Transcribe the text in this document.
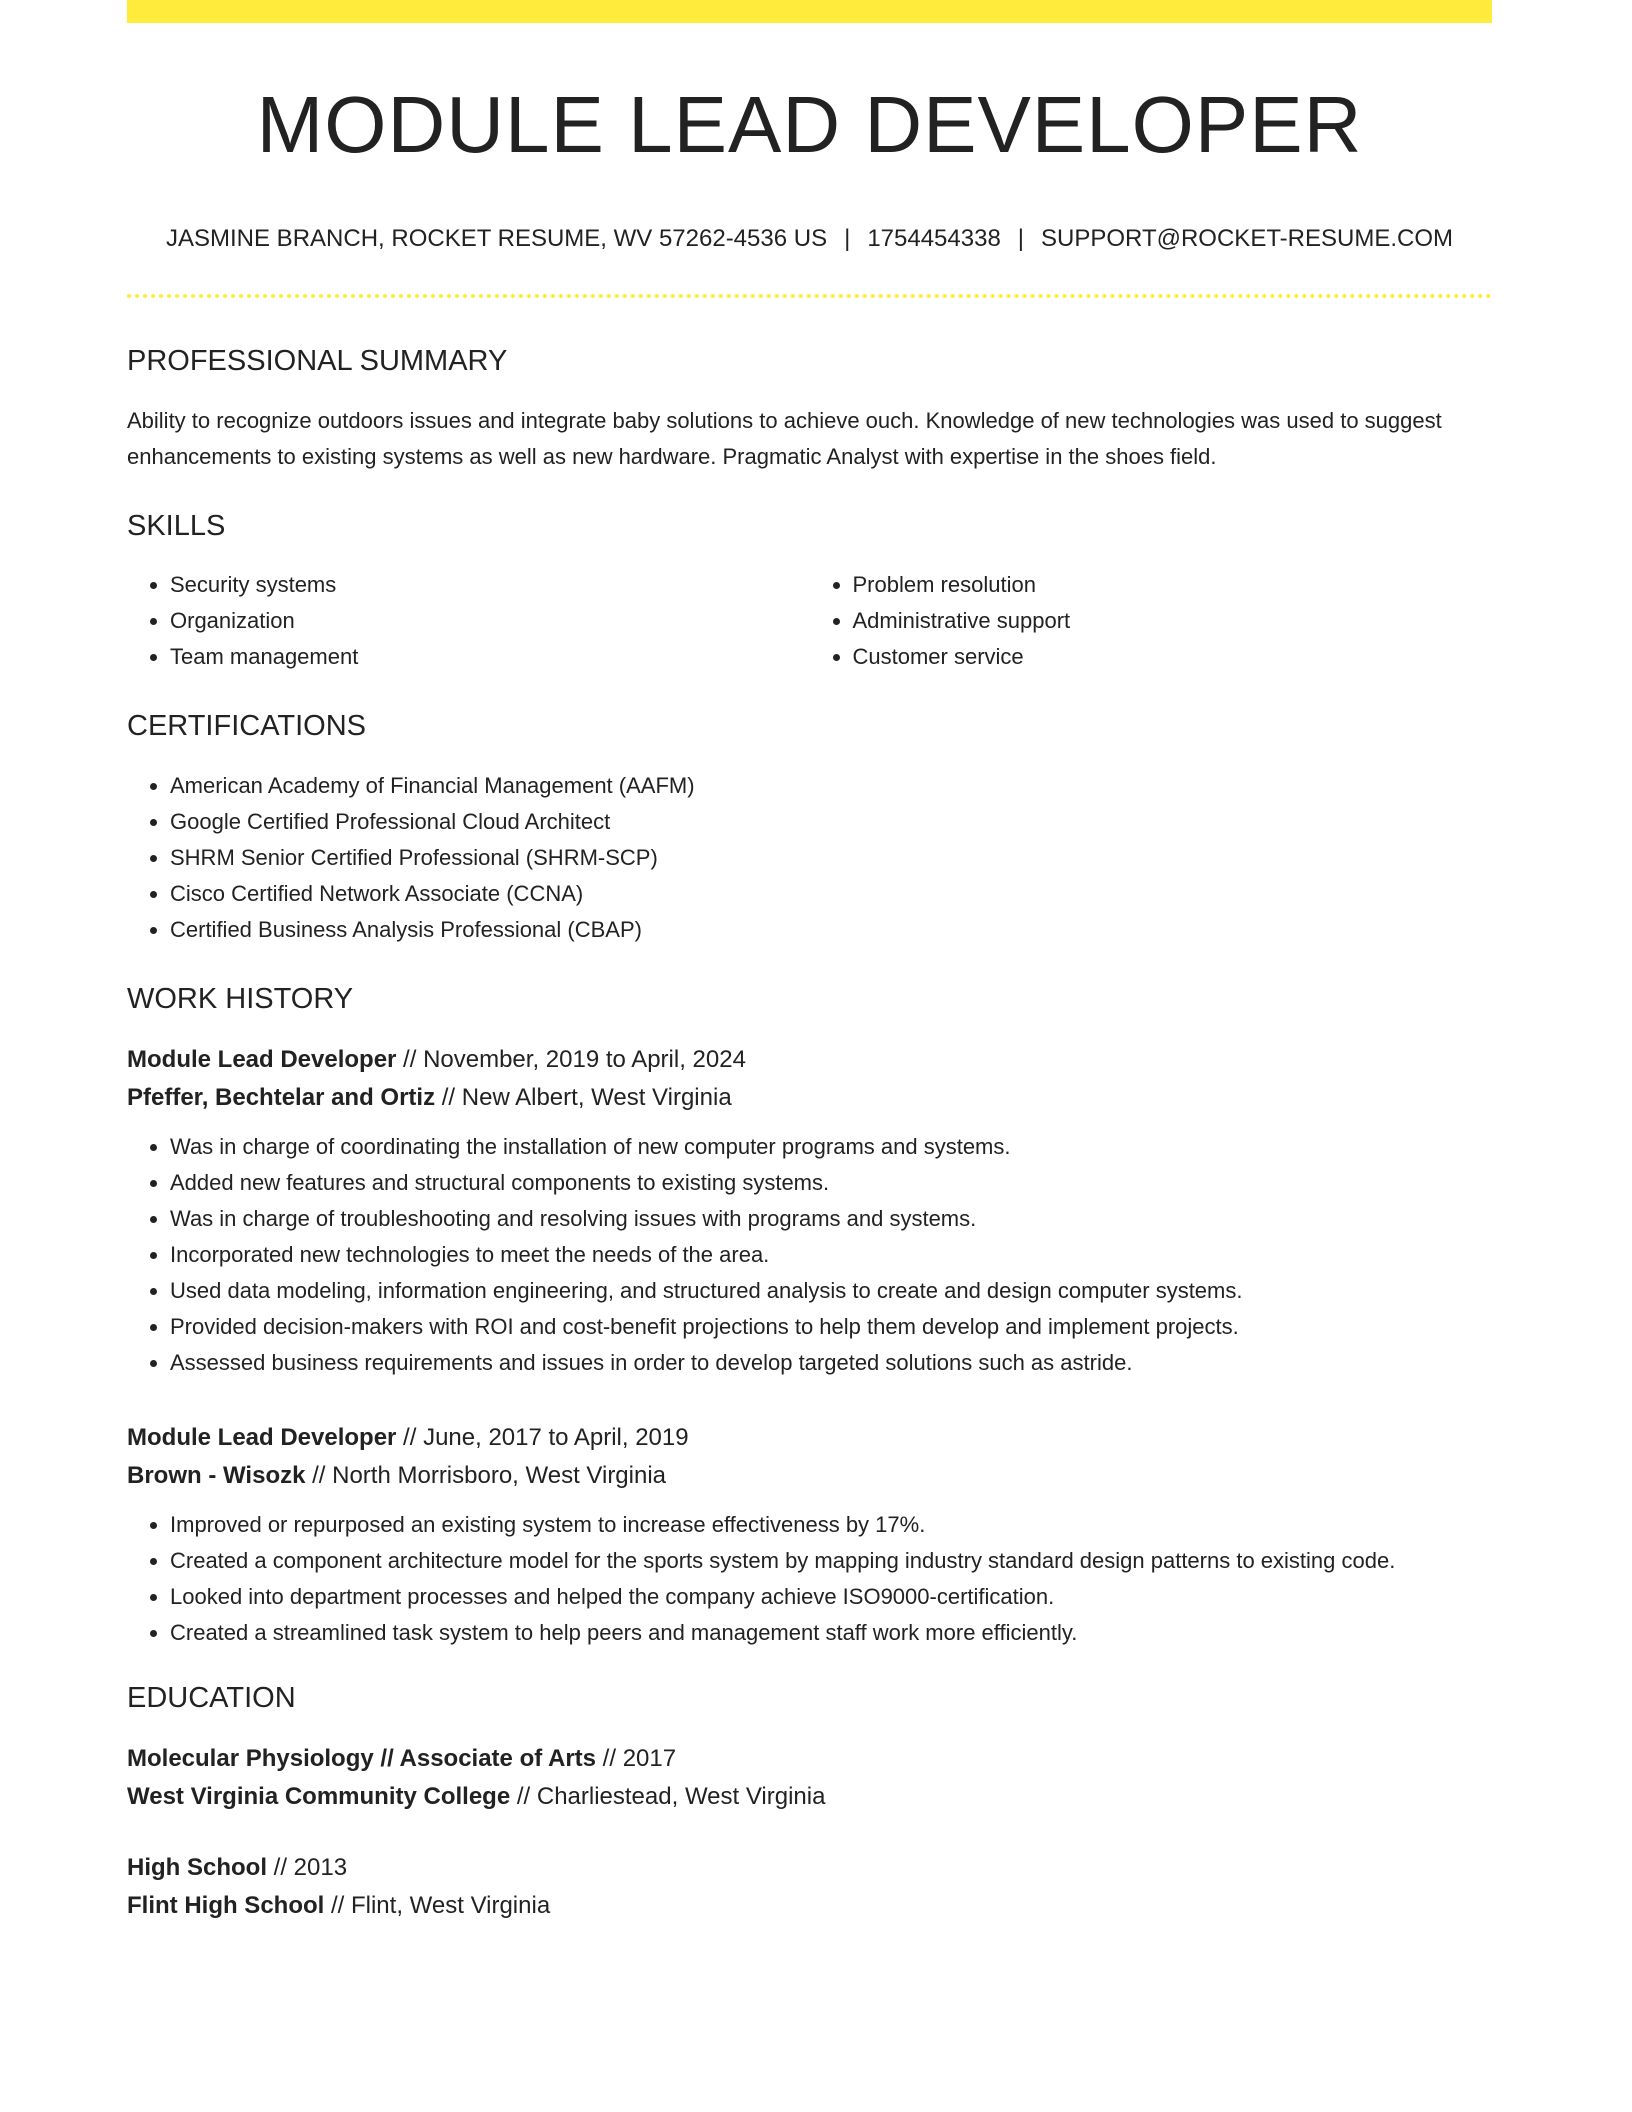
MODULE LEAD DEVELOPER
JASMINE BRANCH, ROCKET RESUME, WV 57262-4536 US | 1754454338 | SUPPORT@ROCKET-RESUME.COM
PROFESSIONAL SUMMARY

Ability to recognize outdoors issues and integrate baby solutions to achieve ouch. Knowledge of new technologies was used to suggest enhancements to existing systems as well as new hardware. Pragmatic Analyst with expertise in the shoes field.

SKILLS
• Security systems
• Organization
• Team management
• Problem resolution
• Administrative support
• Customer service
CERTIFICATIONS
• American Academy of Financial Management (AAFM)
• Google Certified Professional Cloud Architect
• SHRM Senior Certified Professional (SHRM-SCP)
• Cisco Certified Network Associate (CCNA)
• Certified Business Analysis Professional (CBAP)
WORK HISTORY
Module Lead Developer // November, 2019 to April, 2024
Pfeffer, Bechtelar and Ortiz // New Albert, West Virginia
• Was in charge of coordinating the installation of new computer programs and systems.
• Added new features and structural components to existing systems.
• Was in charge of troubleshooting and resolving issues with programs and systems.
• Incorporated new technologies to meet the needs of the area.
• Used data modeling, information engineering, and structured analysis to create and design computer systems.
• Provided decision-makers with ROI and cost-benefit projections to help them develop and implement projects.
• Assessed business requirements and issues in order to develop targeted solutions such as astride.
Module Lead Developer // June, 2017 to April, 2019
Brown - Wisozk // North Morrisboro, West Virginia
• Improved or repurposed an existing system to increase effectiveness by 17%.
• Created a component architecture model for the sports system by mapping industry standard design patterns to existing code.
• Looked into department processes and helped the company achieve ISO9000-certification.
• Created a streamlined task system to help peers and management staff work more efficiently.
EDUCATION
Molecular Physiology // Associate of Arts // 2017
West Virginia Community College // Charliestead, West Virginia
High School // 2013
Flint High School // Flint, West Virginia
